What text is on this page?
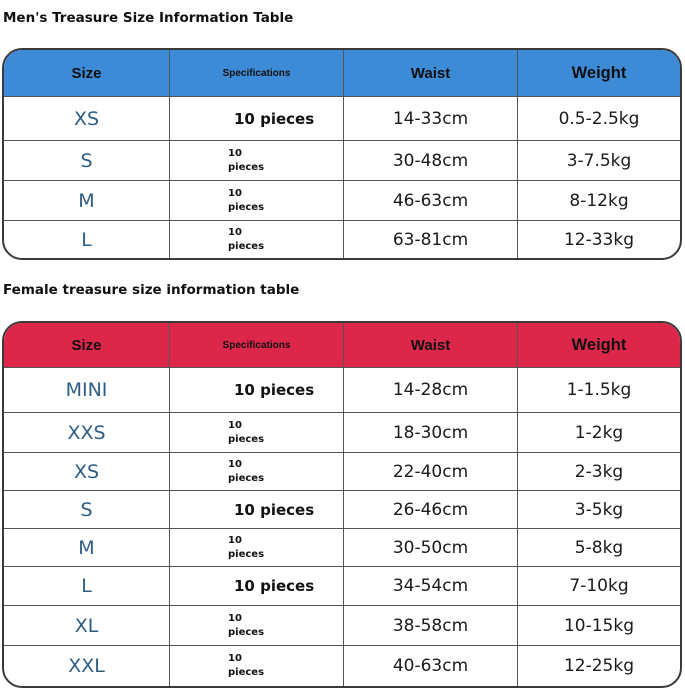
Men's Treasure Size Information Table
Size	Specifications	Waist	Weight
XS	10 pieces	14-33cm	0.5-2.5kg
S	10 pieces	30-48cm	3-7.5kg
M	10 pieces	46-63cm	8-12kg
L	10 pieces	63-81cm	12-33kg
Female treasure size information table
Size	Specifications	Waist	Weight
MINI	10 pieces	14-28cm	1-1.5kg
XXS	10 pieces	18-30cm	1-2kg
XS	10 pieces	22-40cm	2-3kg
S	10 pieces	26-46cm	3-5kg
M	10 pieces	30-50cm	5-8kg
L	10 pieces	34-54cm	7-10kg
XL	10 pieces	38-58cm	10-15kg
XXL	10 pieces	40-63cm	12-25kg
